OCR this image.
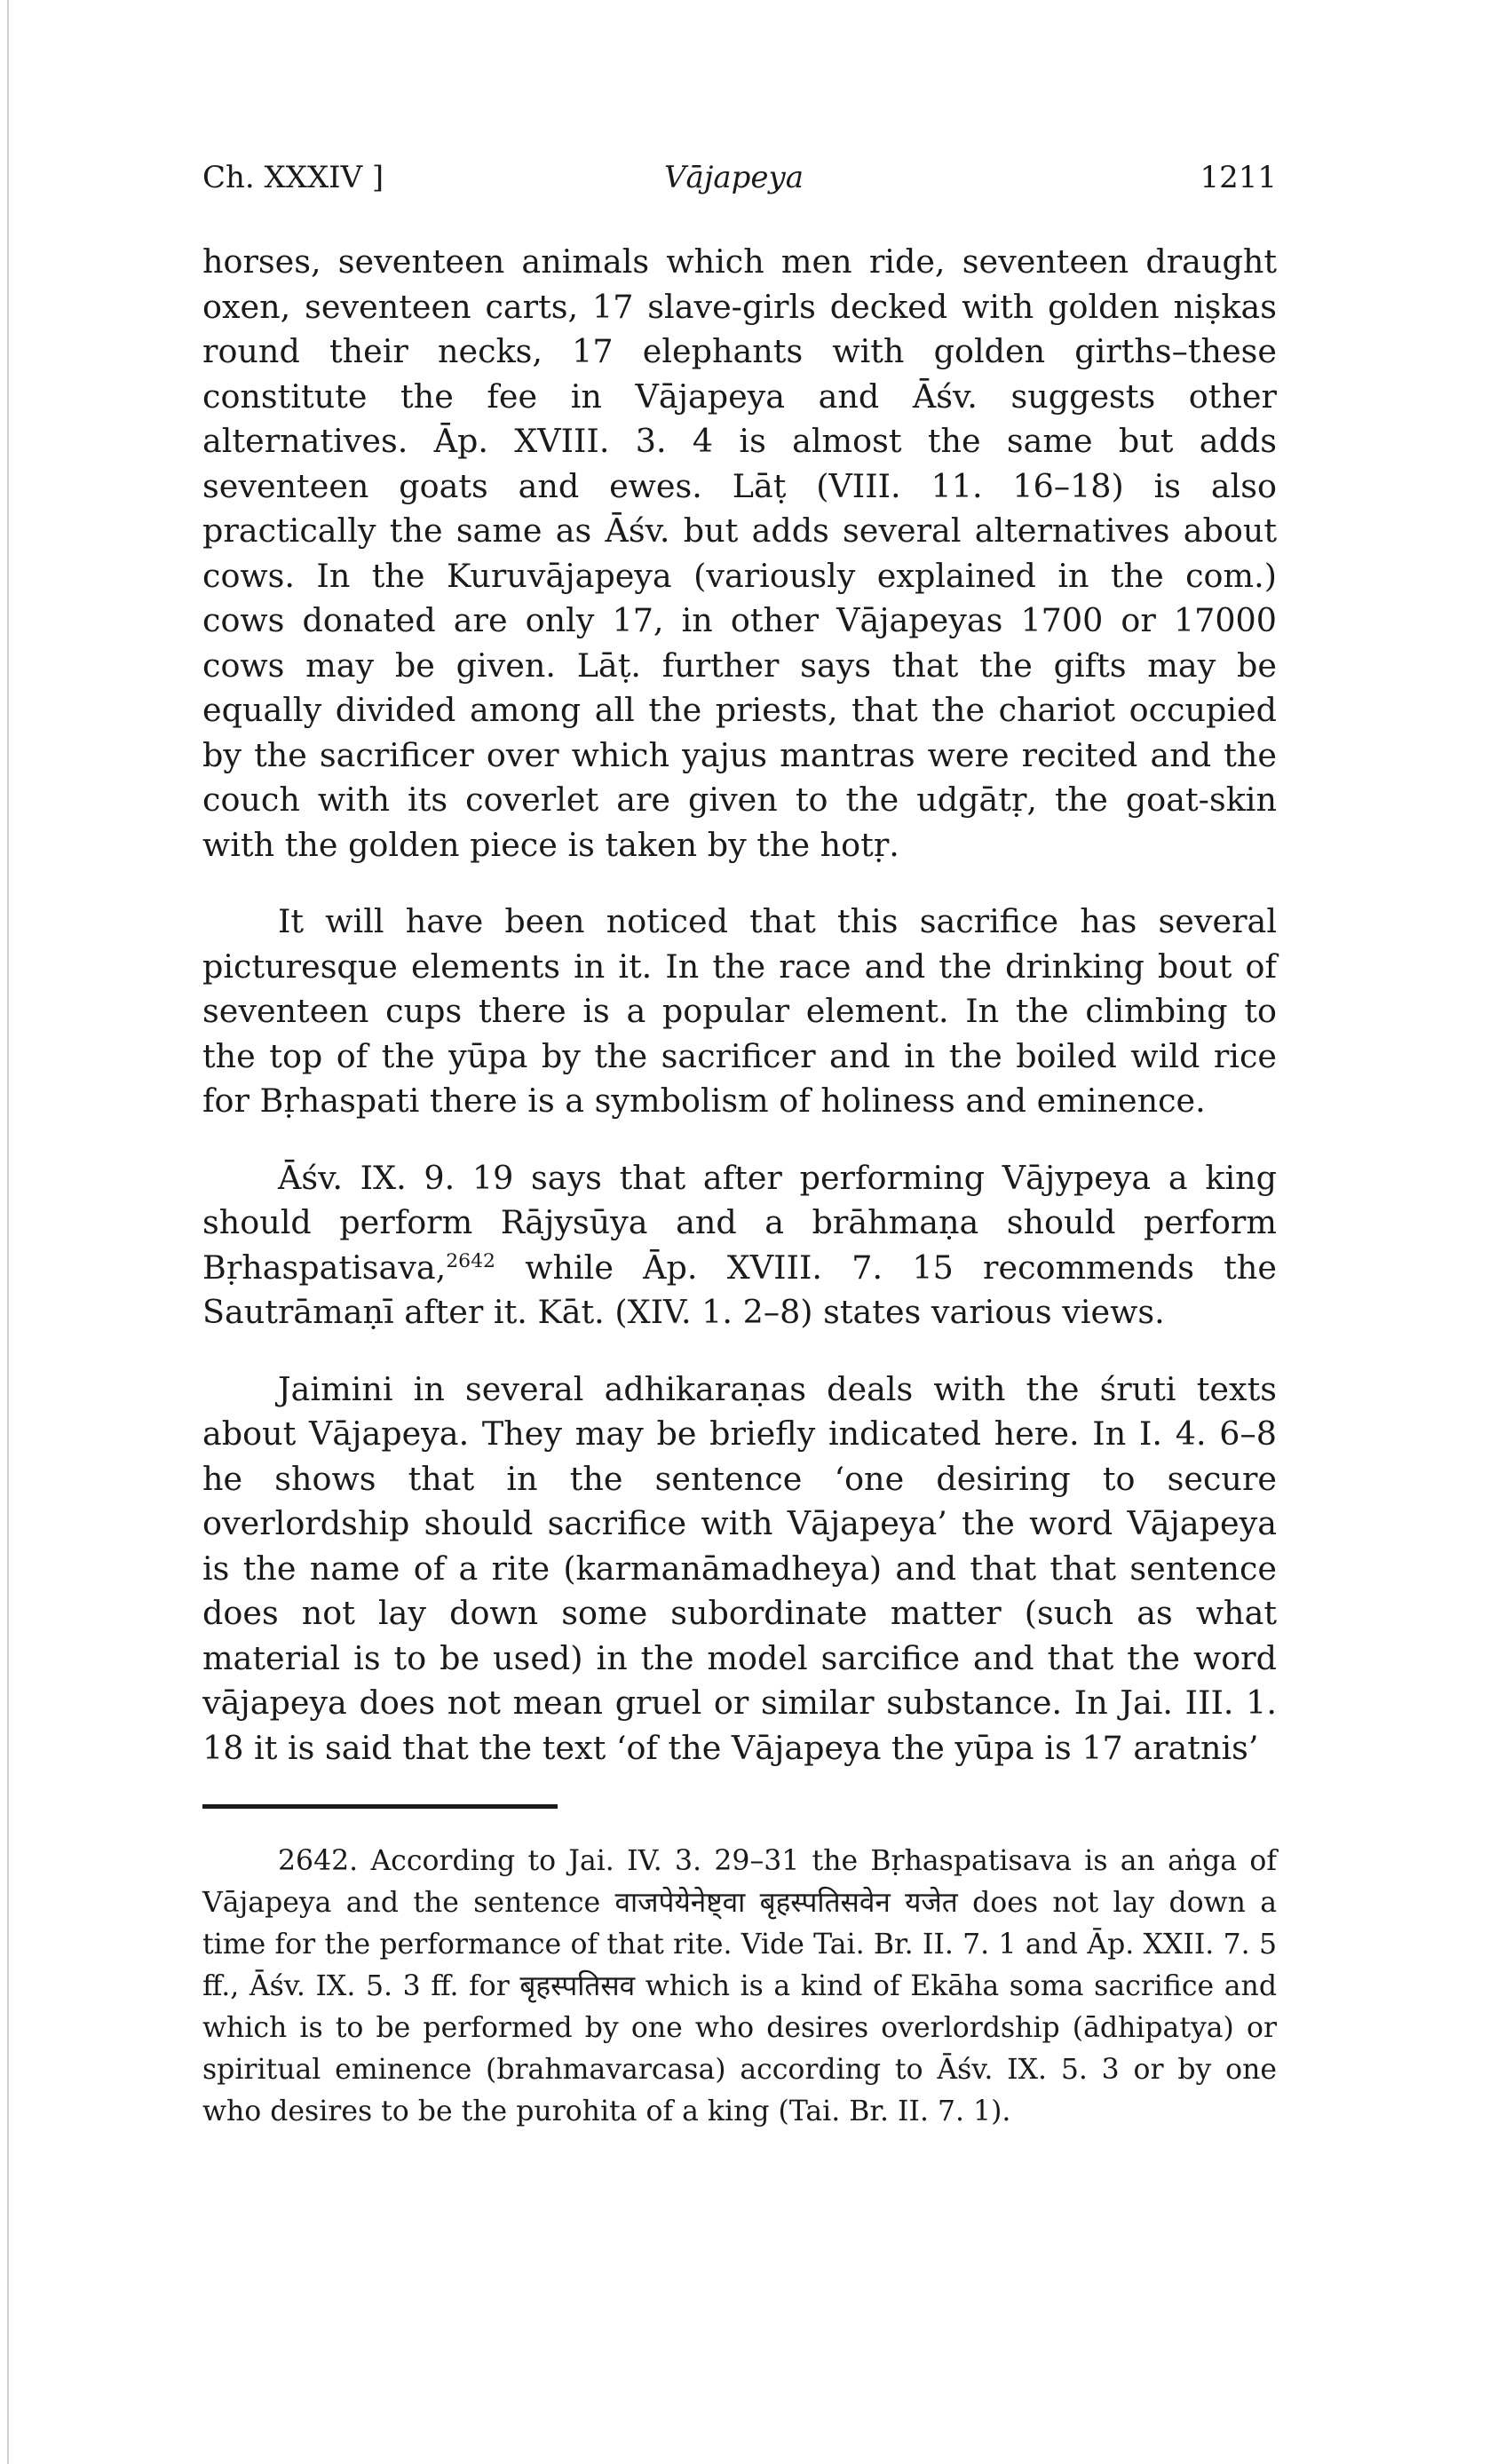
Ch. XXXIV ]	Vājapeya	1211

horses, seventeen animals which men ride, seventeen draught oxen, seventeen carts, 17 slave-girls decked with golden niṣkas round their necks, 17 elephants with golden girths–these constitute the fee in Vājapeya and Āśv. suggests other alternatives. Āp. XVIII. 3. 4 is almost the same but adds seventeen goats and ewes. Lāṭ (VIII. 11. 16–18) is also practically the same as Āśv. but adds several alternatives about cows. In the Kuruvājapeya (variously explained in the com.) cows donated are only 17, in other Vājapeyas 1700 or 17000 cows may be given. Lāṭ. further says that the gifts may be equally divided among all the priests, that the chariot occupied by the sacrificer over which yajus mantras were recited and the couch with its coverlet are given to the udgātṛ, the goat-skin with the golden piece is taken by the hotṛ.

It will have been noticed that this sacrifice has several picturesque elements in it. In the race and the drinking bout of seventeen cups there is a popular element. In the climbing to the top of the yūpa by the sacrificer and in the boiled wild rice for Bṛhaspati there is a symbolism of holiness and eminence.

Āśv. IX. 9. 19 says that after performing Vājypeya a king should perform Rājysūya and a brāhmaṇa should perform Bṛhaspatisava,$^{2642}$ while Āp. XVIII. 7. 15 recommends the Sautrāmaṇī after it. Kāt. (XIV. 1. 2–8) states various views.

Jaimini in several adhikaraṇas deals with the śruti texts about Vājapeya. They may be briefly indicated here. In I. 4. 6–8 he shows that in the sentence ‘one desiring to secure overlordship should sacrifice with Vājapeya’ the word Vājapeya is the name of a rite (karmanāmadheya) and that that sentence does not lay down some subordinate matter (such as what material is to be used) in the model sarcifice and that the word vājapeya does not mean gruel or similar substance. In Jai. III. 1. 18 it is said that the text ‘of the Vājapeya the yūpa is 17 aratnis’

2642. According to Jai. IV. 3. 29–31 the Bṛhaspatisava is an aṅga of Vājapeya and the sentence वाजपेयेनेष्ट्वा बृहस्पतिसवेन यजेत does not lay down a time for the performance of that rite. Vide Tai. Br. II. 7. 1 and Āp. XXII. 7. 5 ff., Āśv. IX. 5. 3 ff. for बृहस्पतिसव which is a kind of Ekāha soma sacrifice and which is to be performed by one who desires overlordship (ādhipatya) or spiritual eminence (brahmavarcasa) according to Āśv. IX. 5. 3 or by one who desires to be the purohita of a king (Tai. Br. II. 7. 1).
